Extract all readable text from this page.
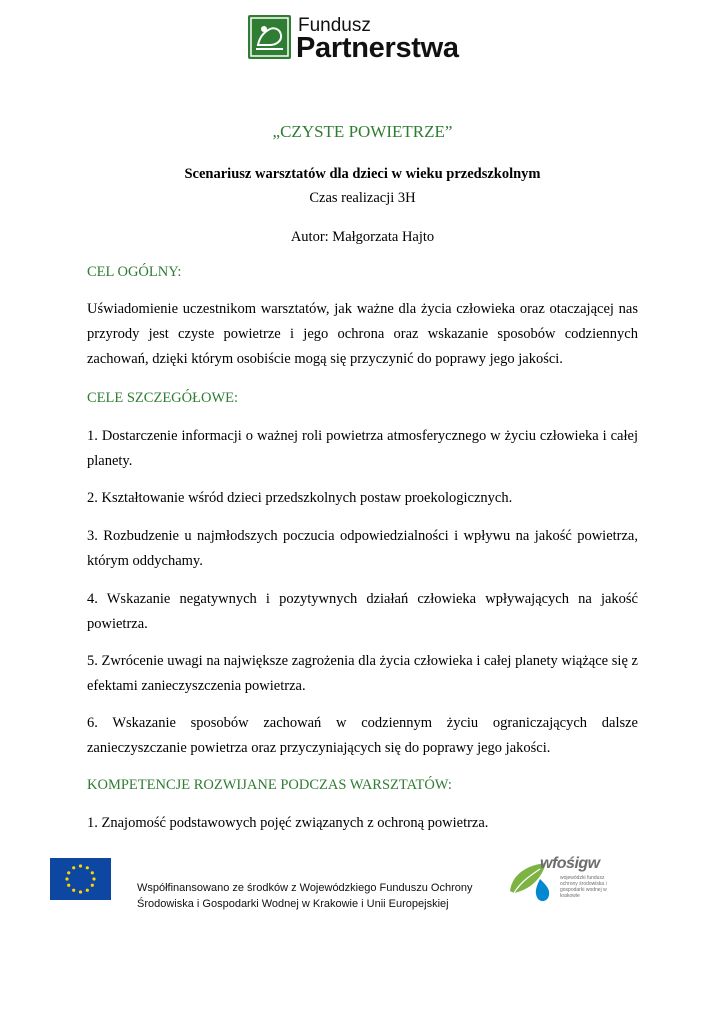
Fundusz
Partnerstwa
„CZYSTE POWIETRZE”
Scenariusz warsztatów dla dzieci w wieku przedszkolnym
Czas realizacji 3H
Autor: Małgorzata Hajto
CEL OGÓLNY:
Uświadomienie uczestnikom warsztatów, jak ważne dla życia człowieka oraz otaczającej nas przyrody jest czyste powietrze i jego ochrona oraz wskazanie sposobów codziennych zachowań, dzięki którym osobiście mogą się przyczynić do poprawy jego jakości.
CELE SZCZEGÓŁOWE:
1. Dostarczenie informacji o ważnej roli powietrza atmosferycznego w życiu człowieka i całej planety.
2. Kształtowanie wśród dzieci przedszkolnych postaw proekologicznych.
3. Rozbudzenie u najmłodszych poczucia odpowiedzialności i wpływu na jakość powietrza, którym oddychamy.
4. Wskazanie negatywnych i pozytywnych działań człowieka wpływających na jakość powietrza.
5. Zwrócenie uwagi na największe zagrożenia dla życia człowieka i całej planety wiążące się z efektami zanieczyszczenia powietrza.
6. Wskazanie sposobów zachowań w codziennym życiu ograniczających dalsze zanieczyszczanie powietrza oraz przyczyniających się do poprawy jego jakości.
KOMPETENCJE ROZWIJANE PODCZAS WARSZTATÓW:
1. Znajomość podstawowych pojęć związanych z ochroną powietrza.
Współfinansowano ze środków z Wojewódzkiego Funduszu Ochrony
Środowiska i Gospodarki Wodnej w Krakowie i Unii Europejskiej
wfośigw
wojewódzki fundusz ochrony środowiska i gospodarki wodnej w krakowie
